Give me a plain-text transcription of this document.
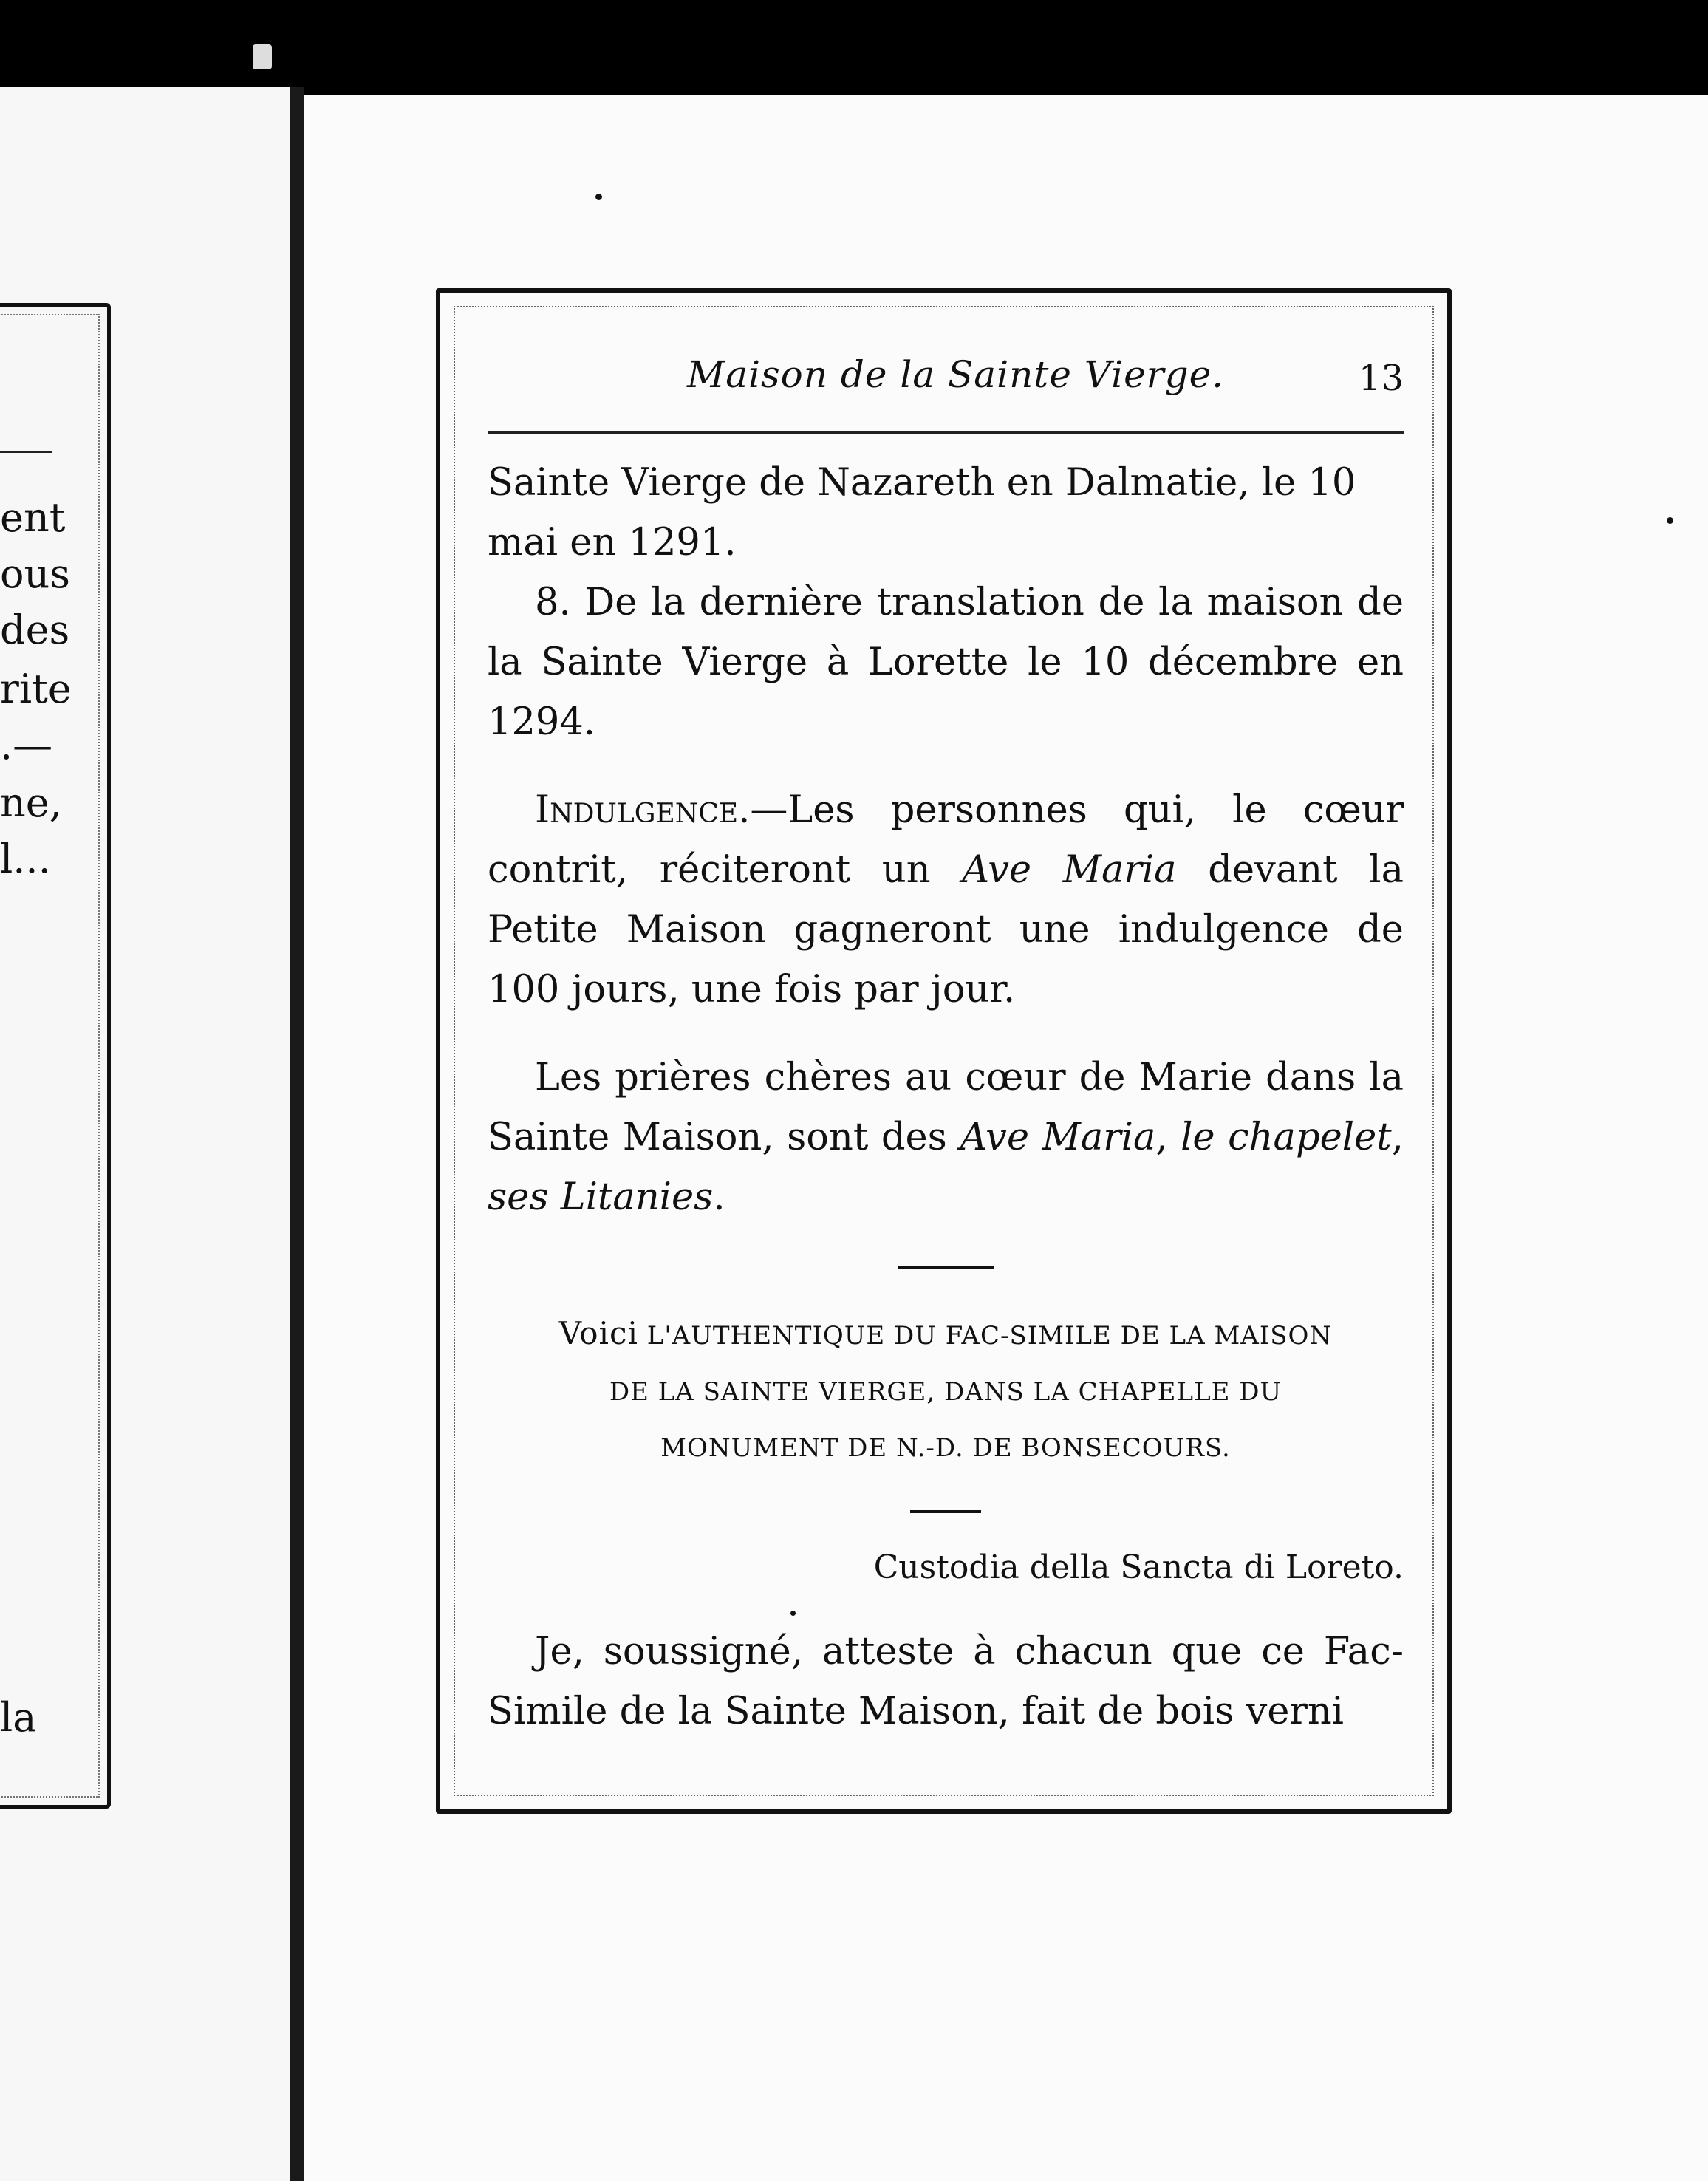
ent
ous
des
rite
.—
ne,
l...
la
Maison de la Sainte Vierge.	13

Sainte Vierge de Nazareth en Dalmatie, le 10
mai en 1291.

8. De la dernière translation de la maison de la Sainte Vierge à Lorette le 10 décembre en 1294.

Indulgence.—Les personnes qui, le cœur contrit, réciteront un Ave Maria devant la Petite Maison gagneront une indulgence de 100 jours, une fois par jour.

Les prières chères au cœur de Marie dans la Sainte Maison, sont des Ave Maria, le chapelet, ses Litanies.

Voici L'AUTHENTIQUE DU FAC-SIMILE DE LA MAISON
DE LA SAINTE VIERGE, DANS LA CHAPELLE DU
MONUMENT DE N.-D. DE BONSECOURS.

Custodia della Sancta di Loreto.

Je, soussigné, atteste à chacun que ce Fac-Simile de la Sainte Maison, fait de bois verni
